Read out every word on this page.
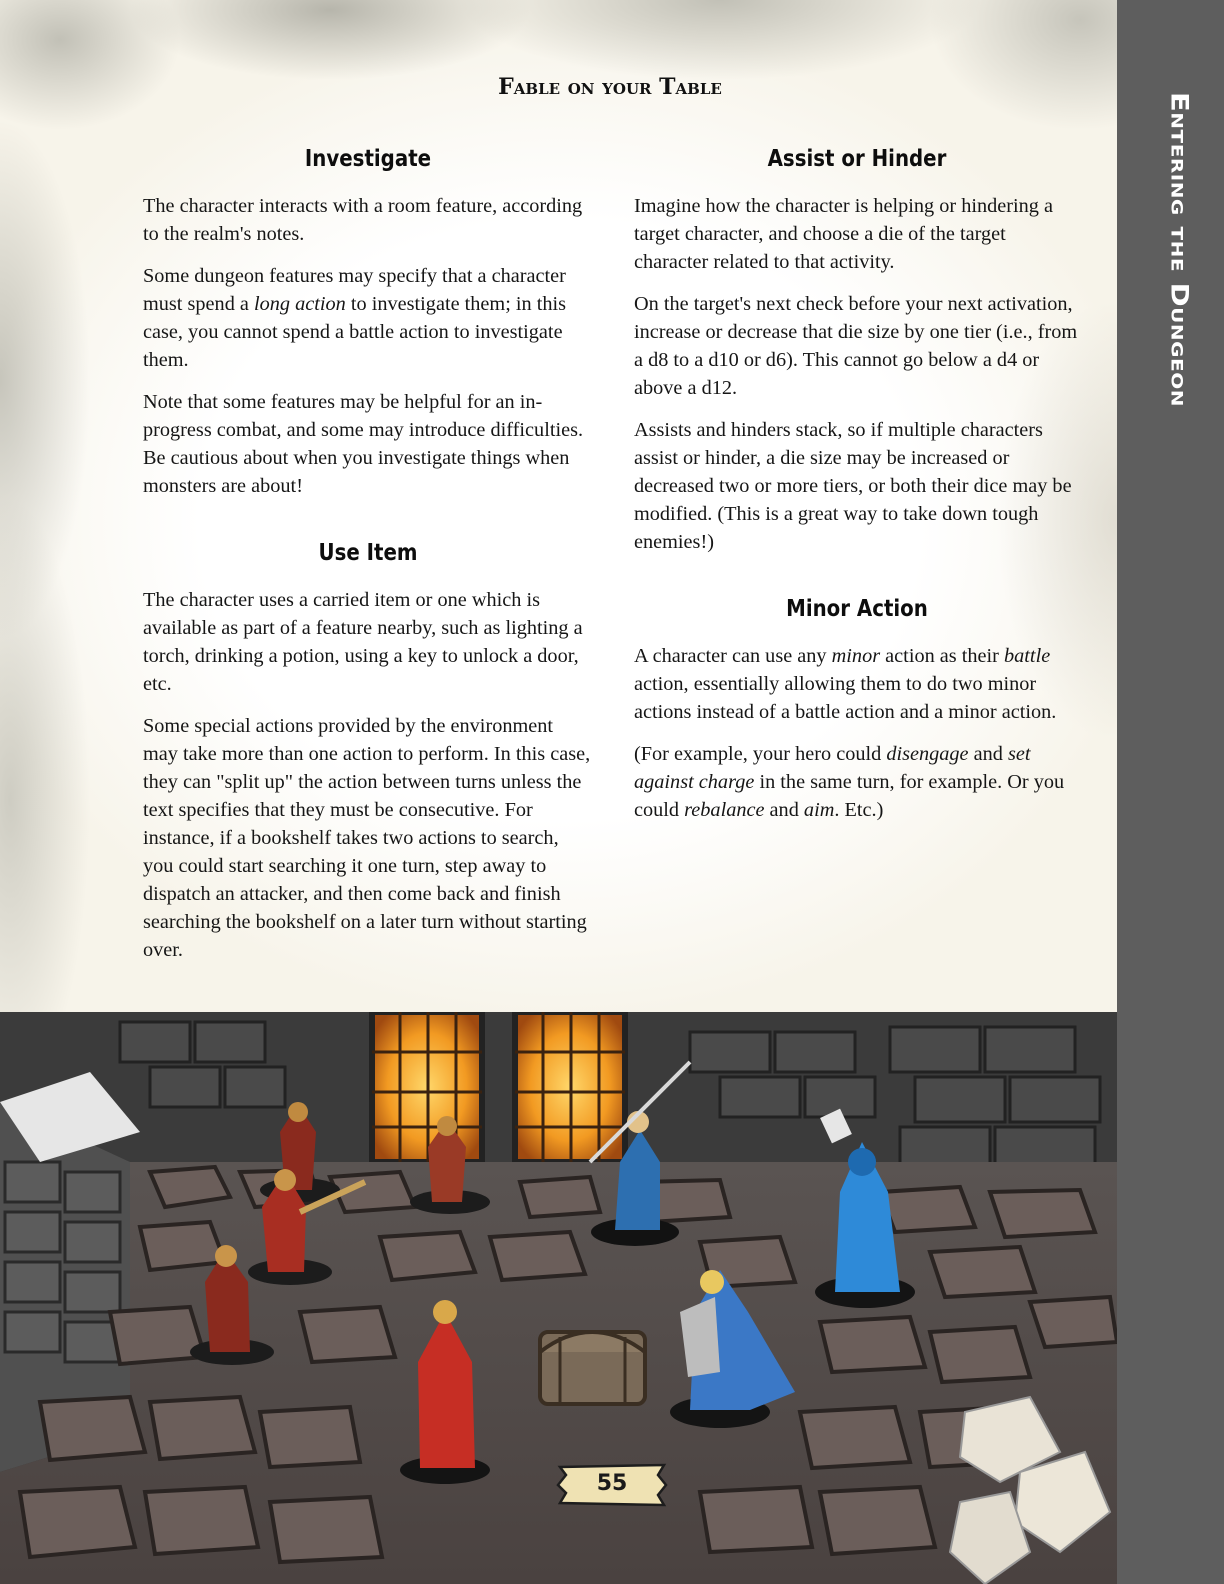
Entering the Dungeon
Fable on your Table
Investigate

The character interacts with a room feature, according to the realm's notes.

Some dungeon features may specify that a character must spend a long action to investigate them; in this case, you cannot spend a battle action to investigate them.

Note that some features may be helpful for an in-progress combat, and some may introduce difficulties. Be cautious about when you investigate things when monsters are about!

Use Item

The character uses a carried item or one which is available as part of a feature nearby, such as lighting a torch, drinking a potion, using a key to unlock a door, etc.

Some special actions provided by the environment may take more than one action to perform. In this case, they can "split up" the action between turns unless the text specifies that they must be consecutive. For instance, if a bookshelf takes two actions to search, you could start searching it one turn, step away to dispatch an attacker, and then come back and finish searching the bookshelf on a later turn without starting over.

Assist or Hinder

Imagine how the character is helping or hindering a target character, and choose a die of the target character related to that activity.

On the target's next check before your next activation, increase or decrease that die size by one tier (i.e., from a d8 to a d10 or d6). This cannot go below a d4 or above a d12.

Assists and hinders stack, so if multiple characters assist or hinder, a die size may be increased or decreased two or more tiers, or both their dice may be modified. (This is a great way to take down tough enemies!)

Minor Action

A character can use any minor action as their battle action, essentially allowing them to do two minor actions instead of a battle action and a minor action.

(For example, your hero could disengage and set against charge in the same turn, for example. Or you could rebalance and aim. Etc.)

55
